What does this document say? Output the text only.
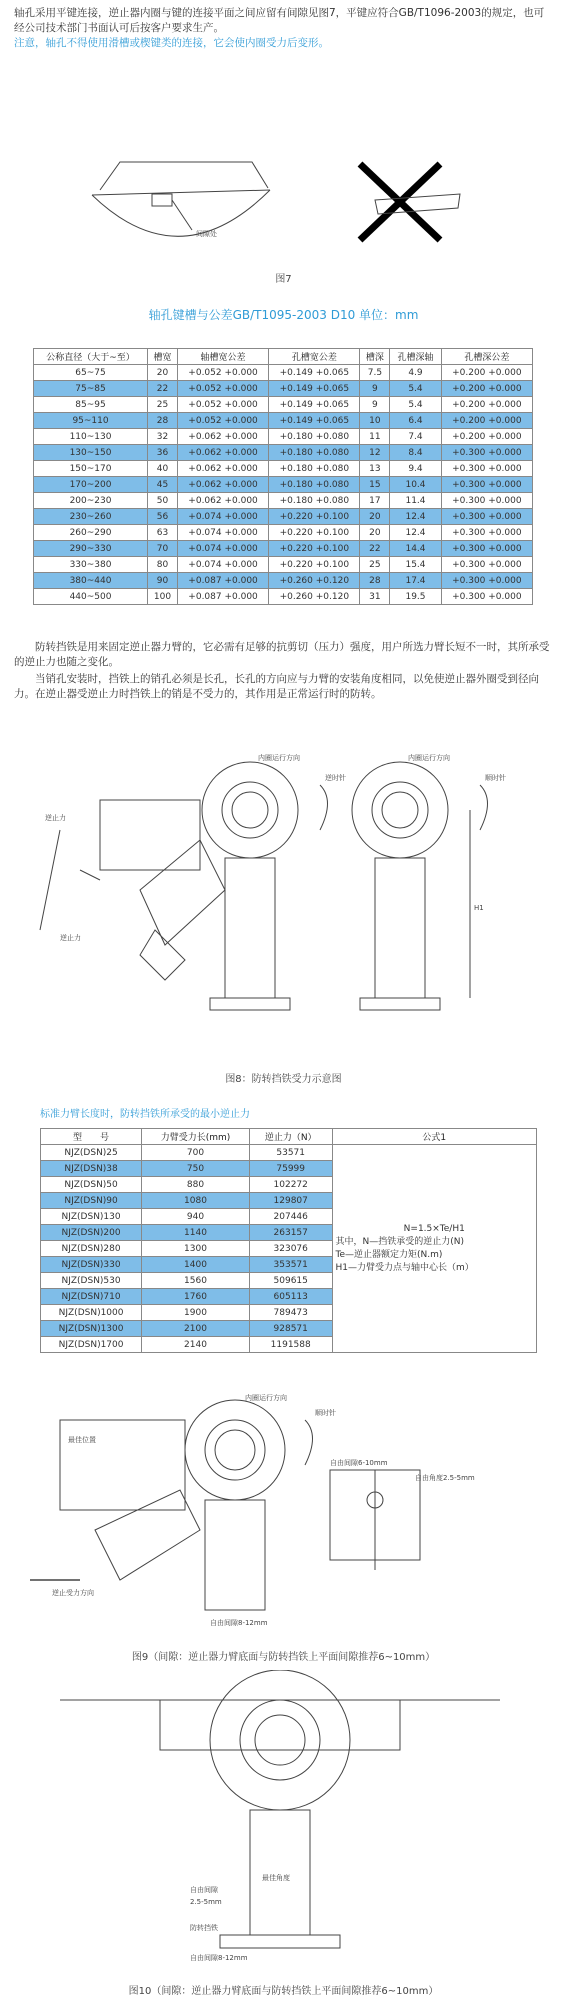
轴孔采用平键连接，逆止器内圈与键的连接平面之间应留有间隙见图7，平键应符合GB/T1096-2003的规定，也可经公司技术部门书面认可后按客户要求生产。
注意，轴孔不得使用滑槽或楔键类的连接，它会使内圈受力后变形。
间隙处
图7
轴孔键槽与公差GB/T1095-2003 D10 单位：mm
公称直径（大于~至）	槽宽	轴槽宽公差	孔槽宽公差	槽深	孔槽深轴	孔槽深公差
65~75	20	+0.052 +0.000	+0.149 +0.065	7.5	4.9	+0.200 +0.000
75~85	22	+0.052 +0.000	+0.149 +0.065	9	5.4	+0.200 +0.000
85~95	25	+0.052 +0.000	+0.149 +0.065	9	5.4	+0.200 +0.000
95~110	28	+0.052 +0.000	+0.149 +0.065	10	6.4	+0.200 +0.000
110~130	32	+0.062 +0.000	+0.180 +0.080	11	7.4	+0.200 +0.000
130~150	36	+0.062 +0.000	+0.180 +0.080	12	8.4	+0.300 +0.000
150~170	40	+0.062 +0.000	+0.180 +0.080	13	9.4	+0.300 +0.000
170~200	45	+0.062 +0.000	+0.180 +0.080	15	10.4	+0.300 +0.000
200~230	50	+0.062 +0.000	+0.180 +0.080	17	11.4	+0.300 +0.000
230~260	56	+0.074 +0.000	+0.220 +0.100	20	12.4	+0.300 +0.000
260~290	63	+0.074 +0.000	+0.220 +0.100	20	12.4	+0.300 +0.000
290~330	70	+0.074 +0.000	+0.220 +0.100	22	14.4	+0.300 +0.000
330~380	80	+0.074 +0.000	+0.220 +0.100	25	15.4	+0.300 +0.000
380~440	90	+0.087 +0.000	+0.260 +0.120	28	17.4	+0.300 +0.000
440~500	100	+0.087 +0.000	+0.260 +0.120	31	19.5	+0.300 +0.000
防转挡铁是用来固定逆止器力臂的，它必需有足够的抗剪切（压力）强度，用户所选力臂长短不一时，其所承受的逆止力也随之变化。
当销孔安装时，挡铁上的销孔必须是长孔，长孔的方向应与力臂的安装角度相同，以免使逆止器外圈受到径向力。在逆止器受逆止力时挡铁上的销是不受力的，其作用是正常运行时的防转。
内圈运行方向	内圈运行方向
逆时针	顺时针
逆止力
逆止力
H1
图8：防转挡铁受力示意图
标准力臂长度时，防转挡铁所承受的最小逆止力
型　　号	力臂受力长(mm)	逆止力（N）	公式1
NJZ(DSN)25	700	53571	N=1.5×Te/H1
其中，N—挡铁承受的逆止力(N)
Te—逆止器额定力矩(N.m)
H1—力臂受力点与轴中心长（m）

NJZ(DSN)38	750	75999	
NJZ(DSN)50	880	102272	
NJZ(DSN)90	1080	129807	
NJZ(DSN)130	940	207446	
NJZ(DSN)200	1140	263157	
NJZ(DSN)280	1300	323076	
NJZ(DSN)330	1400	353571	
NJZ(DSN)530	1560	509615	
NJZ(DSN)710	1760	605113	
NJZ(DSN)1000	1900	789473	
NJZ(DSN)1300	2100	928571	
NJZ(DSN)1700	2140	1191588	
内圈运行方向
顺时针
最佳位置
自由间隙6-10mm
逆止受力方向
自由角度2.5-5mm
自由间隙8-12mm
图9（间隙：逆止器力臂底面与防转挡铁上平面间隙推荐6~10mm）
最佳角度
自由间隙
2.5-5mm
防转挡铁
自由间隙8-12mm
图10（间隙：逆止器力臂底面与防转挡铁上平面间隙推荐6~10mm）
